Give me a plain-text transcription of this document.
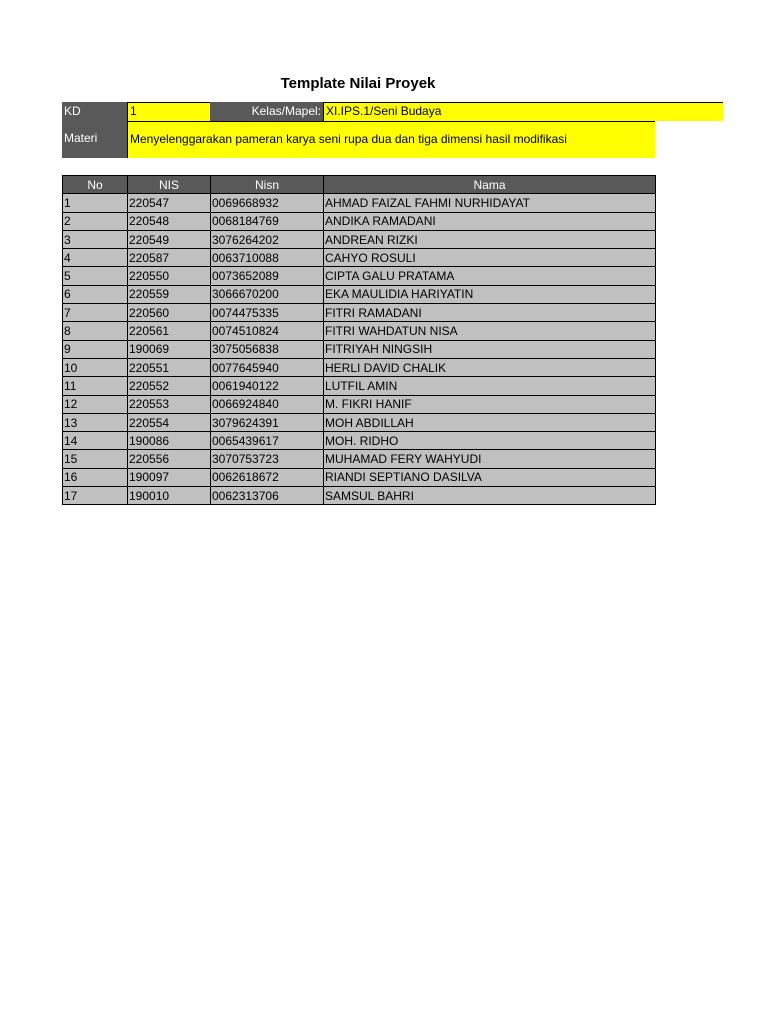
Template Nilai Proyek
KD	1	Kelas/Mapel: XI.IPS.1/Seni Budaya
Materi	Menyelenggarakan pameran karya seni rupa dua dan tiga dimensi hasil modifikasi
No	NIS	Nisn	Nama
1	220547	0069668932	AHMAD FAIZAL FAHMI NURHIDAYAT
2	220548	0068184769	ANDIKA RAMADANI
3	220549	3076264202	ANDREAN RIZKI
4	220587	0063710088	CAHYO ROSULI
5	220550	0073652089	CIPTA GALU PRATAMA
6	220559	3066670200	EKA MAULIDIA HARIYATIN
7	220560	0074475335	FITRI RAMADANI
8	220561	0074510824	FITRI WAHDATUN NISA
9	190069	3075056838	FITRIYAH NINGSIH
10	220551	0077645940	HERLI DAVID CHALIK
11	220552	0061940122	LUTFIL AMIN
12	220553	0066924840	M. FIKRI HANIF
13	220554	3079624391	MOH ABDILLAH
14	190086	0065439617	MOH. RIDHO
15	220556	3070753723	MUHAMAD FERY WAHYUDI
16	190097	0062618672	RIANDI SEPTIANO DASILVA
17	190010	0062313706	SAMSUL BAHRI
